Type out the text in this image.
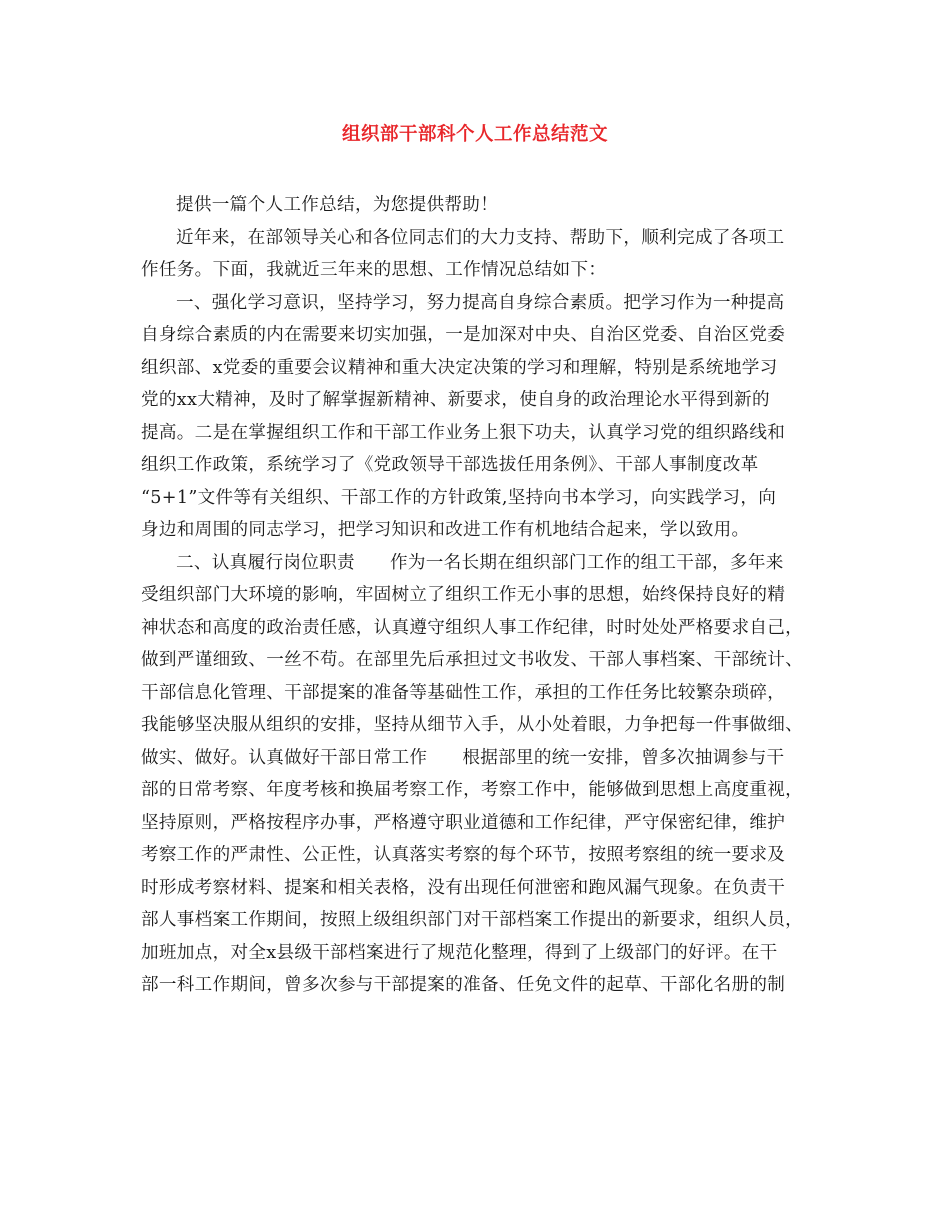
组织部干部科个人工作总结范文
提供一篇个人工作总结，为您提供帮助！
近年来，在部领导关心和各位同志们的大力支持、帮助下，顺利完成了各项工
作任务。下面，我就近三年来的思想、工作情况总结如下：
一、强化学习意识，坚持学习，努力提高自身综合素质。把学习作为一种提高
自身综合素质的内在需要来切实加强，一是加深对中央、自治区党委、自治区党委
组织部、x党委的重要会议精神和重大决定决策的学习和理解，特别是系统地学习
党的xx大精神，及时了解掌握新精神、新要求，使自身的政治理论水平得到新的
提高。二是在掌握组织工作和干部工作业务上狠下功夫，认真学习党的组织路线和
组织工作政策，系统学习了《党政领导干部选拔任用条例》、干部人事制度改革
“5+1”文件等有关组织、干部工作的方针政策,坚持向书本学习，向实践学习，向
身边和周围的同志学习，把学习知识和改进工作有机地结合起来，学以致用。
二、认真履行岗位职责 作为一名长期在组织部门工作的组工干部，多年来
受组织部门大环境的影响，牢固树立了组织工作无小事的思想，始终保持良好的精
神状态和高度的政治责任感，认真遵守组织人事工作纪律，时时处处严格要求自己，
做到严谨细致、一丝不苟。在部里先后承担过文书收发、干部人事档案、干部统计、
干部信息化管理、干部提案的准备等基础性工作，承担的工作任务比较繁杂琐碎，
我能够坚决服从组织的安排，坚持从细节入手，从小处着眼，力争把每一件事做细、
做实、做好。认真做好干部日常工作 根据部里的统一安排，曾多次抽调参与干
部的日常考察、年度考核和换届考察工作，考察工作中，能够做到思想上高度重视，
坚持原则，严格按程序办事，严格遵守职业道德和工作纪律，严守保密纪律，维护
考察工作的严肃性、公正性，认真落实考察的每个环节，按照考察组的统一要求及
时形成考察材料、提案和相关表格，没有出现任何泄密和跑风漏气现象。在负责干
部人事档案工作期间，按照上级组织部门对干部档案工作提出的新要求，组织人员，
加班加点，对全x县级干部档案进行了规范化整理，得到了上级部门的好评。在干
部一科工作期间，曾多次参与干部提案的准备、任免文件的起草、干部化名册的制
